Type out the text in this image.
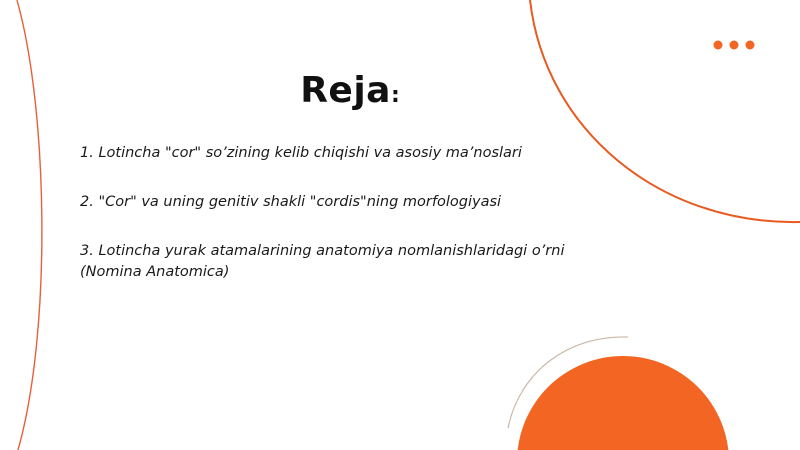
Reja:

1. Lotincha "cor" so’zining kelib chiqishi va asosiy ma’noslari

2. "Cor" va uning genitiv shakli "cordis"ning morfologiyasi

3. Lotincha yurak atamalarining anatomiya nomlanishlaridagi o’rni (Nomina Anatomica)
